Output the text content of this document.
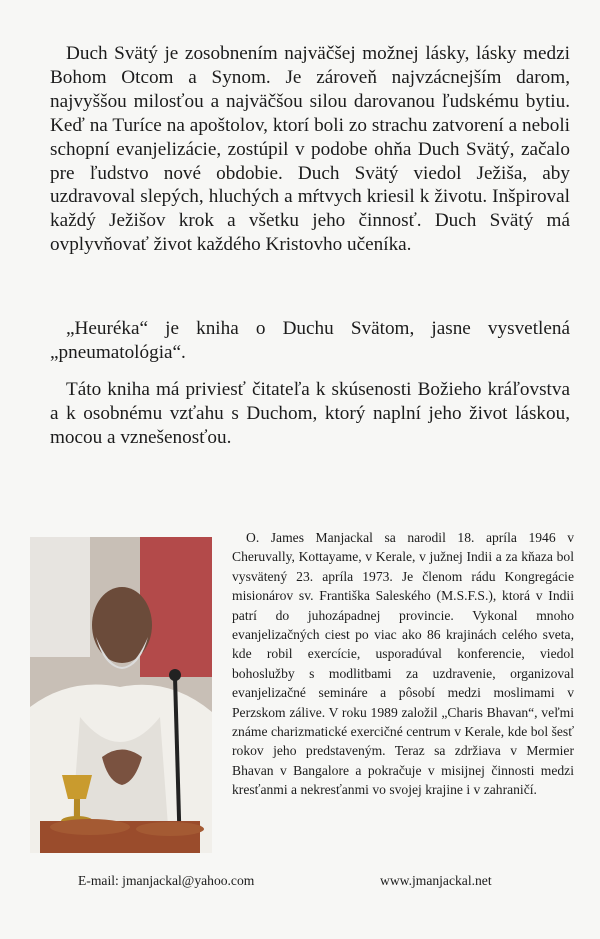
Duch Svätý je zosobnením najväčšej možnej lásky, lásky medzi Bohom Otcom a Synom. Je zároveň najvzácnejším darom, najvyššou milosťou a najväčšou silou darovanou ľudskému bytiu. Keď na Turíce na apoštolov, ktorí boli zo strachu zatvorení a neboli schopní evanjelizácie, zostúpil v podobe ohňa Duch Svätý, začalo pre ľudstvo nové obdobie. Duch Svätý viedol Ježiša, aby uzdravoval slepých, hluchých a mŕtvych kriesil k životu. Inšpiroval každý Ježišov krok a všetku jeho činnosť. Duch Svätý má ovplyvňovať život každého Kristovho učeníka.

„Heuréka“ je kniha o Duchu Svätom, jasne vysvetlená „pneumatológia“.

Táto kniha má priviesť čitateľa k skúsenosti Božieho kráľovstva a k osobnému vzťahu s Duchom, ktorý naplní jeho život láskou, mocou a vznešenosťou.

O. James Manjackal sa narodil 18. apríla 1946 v Cheruvally, Kottayame, v Kerale, v južnej Indii a za kňaza bol vysvätený 23. apríla 1973. Je členom rádu Kongregácie misionárov sv. Františka Saleského (M.S.F.S.), ktorá v Indii patrí do juhozápadnej provincie. Vykonal mnoho evanjelizačných ciest po viac ako 86 krajinách celého sveta, kde robil exercície, usporadúval konferencie, viedol bohoslužby s modlitbami za uzdravenie, organizoval evanjelizačné semináre a pôsobí medzi moslimami v Perzskom zálive. V roku 1989 založil „Charis Bhavan“, veľmi známe charizmatické exercičné centrum v Kerale, kde bol šesť rokov jeho predstaveným. Teraz sa zdržiava v Mermier Bhavan v Bangalore a pokračuje v misijnej činnosti medzi kresťanmi a nekresťanmi vo svojej krajine i v zahraničí.

E-mail: jmanjackal@yahoo.com	www.jmanjackal.net
